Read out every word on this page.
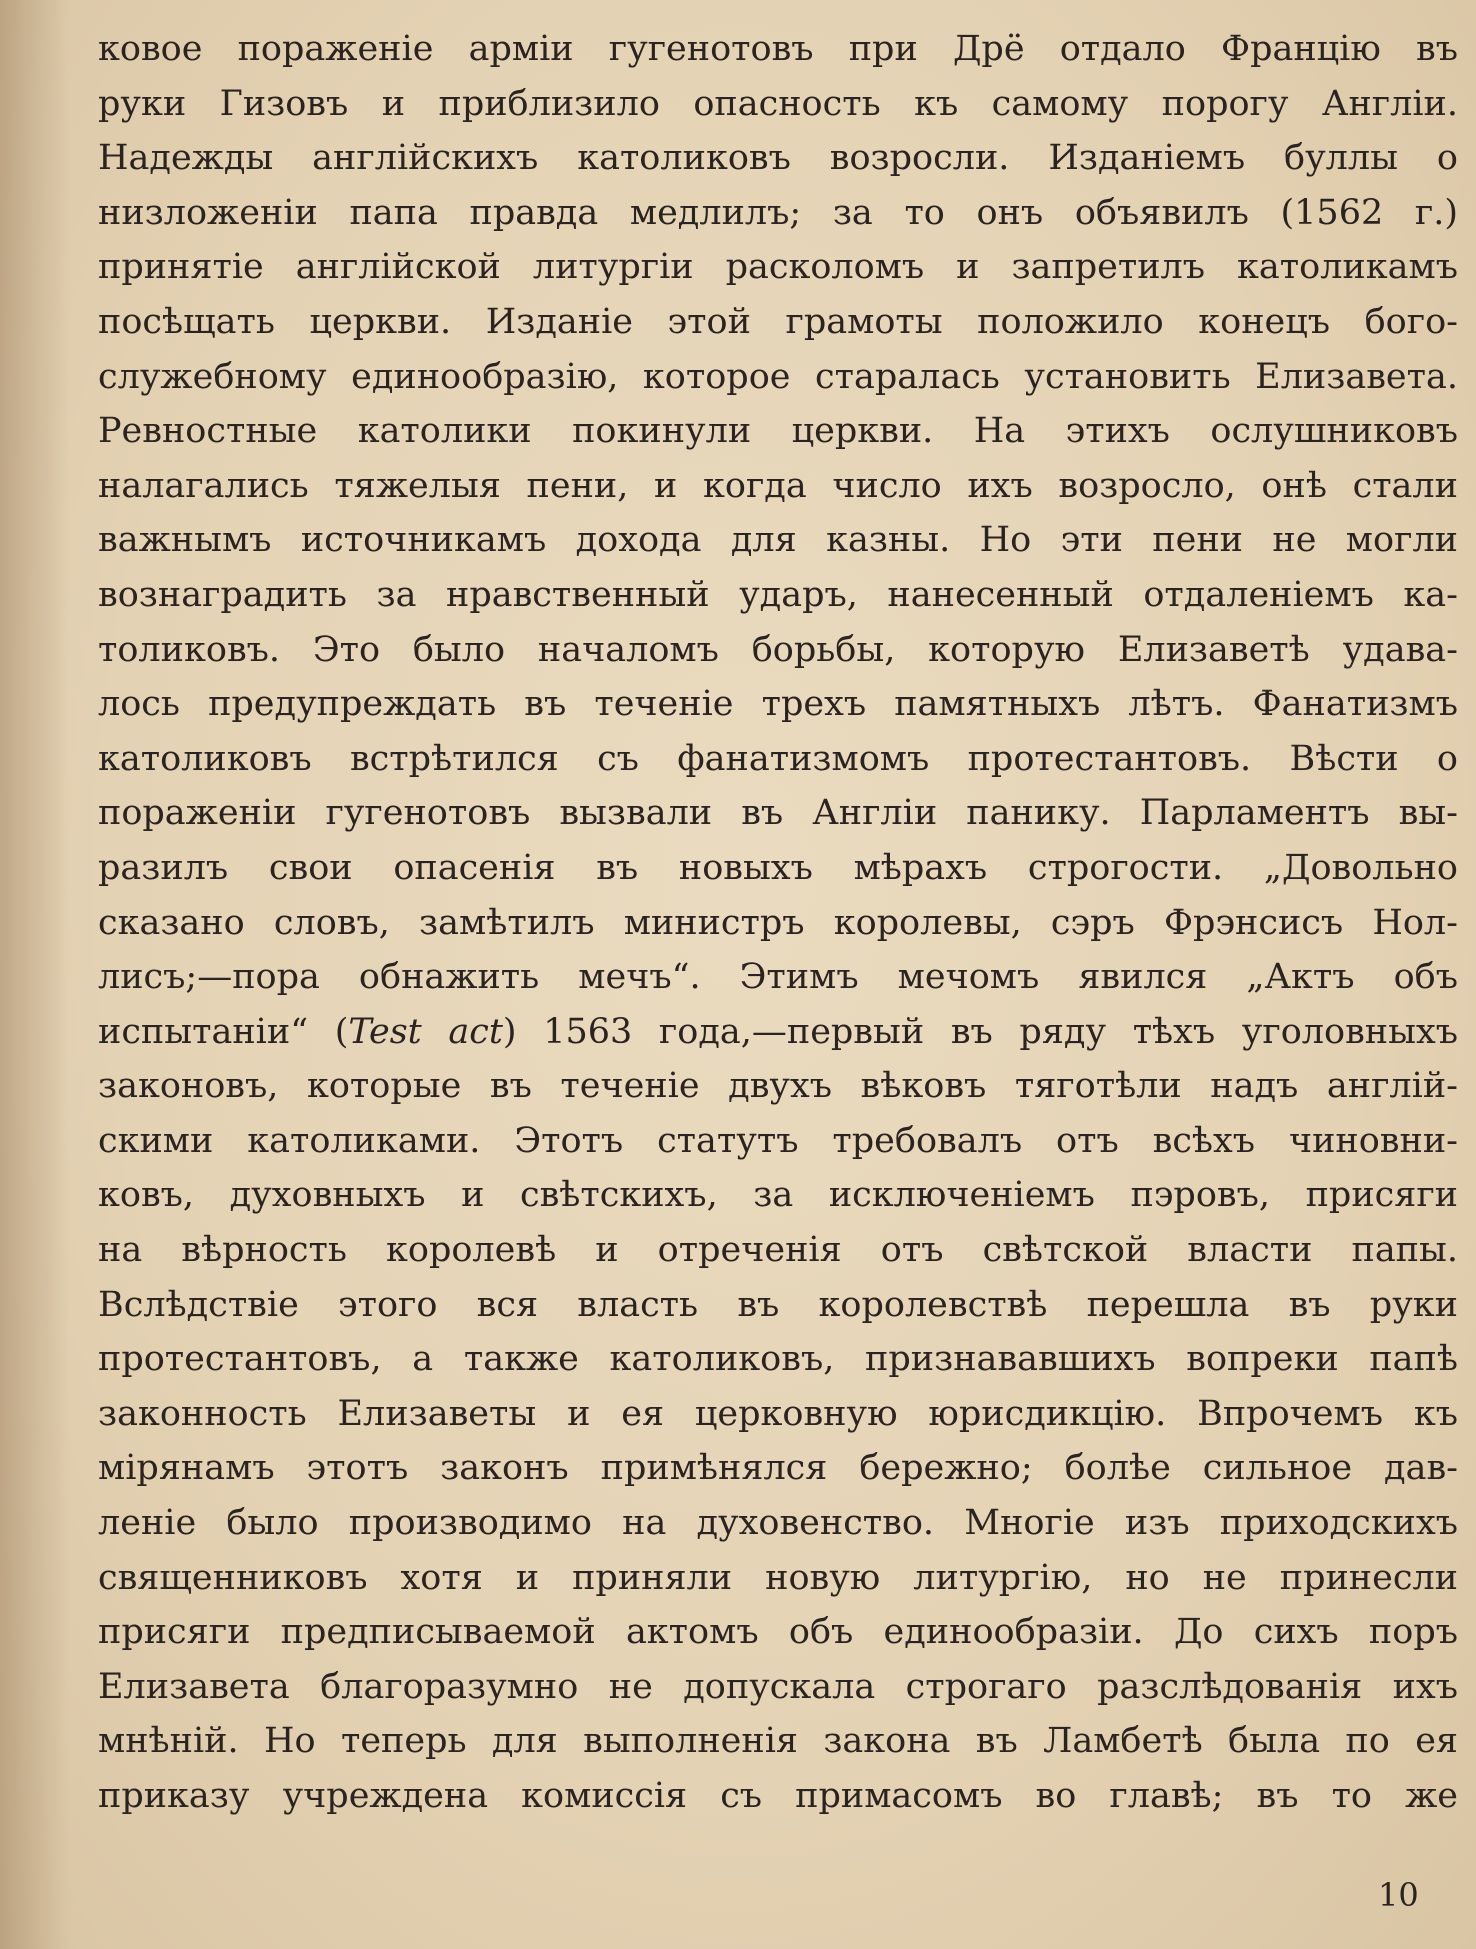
ковое пораженіе арміи гугенотовъ при Дрё отдало Францію въ
руки Гизовъ и приблизило опасность къ самому порогу Англіи.
Надежды англійскихъ католиковъ возросли. Изданіемъ буллы о
низложеніи папа правда медлилъ; за то онъ объявилъ (1562 г.)
принятіе англійской литургіи расколомъ и запретилъ католикамъ
посѣщать церкви. Изданіе этой грамоты положило конецъ бого-
служебному единообразію, которое старалась установить Елизавета.
Ревностные католики покинули церкви. На этихъ ослушниковъ
налагались тяжелыя пени, и когда число ихъ возросло, онѣ стали
важнымъ источникамъ дохода для казны. Но эти пени не могли
вознаградить за нравственный ударъ, нанесенный отдаленіемъ ка-
толиковъ. Это было началомъ борьбы, которую Елизаветѣ удава-
лось предупреждать въ теченіе трехъ памятныхъ лѣтъ. Фанатизмъ
католиковъ встрѣтился съ фанатизмомъ протестантовъ. Вѣсти о
пораженіи гугенотовъ вызвали въ Англіи панику. Парламентъ вы-
разилъ свои опасенія въ новыхъ мѣрахъ строгости. „Довольно
сказано словъ, замѣтилъ министръ королевы, сэръ Фрэнсисъ Нол-
лисъ;—пора обнажить мечъ“. Этимъ мечомъ явился „Актъ объ
испытаніи“ (Test act) 1563 года,—первый въ ряду тѣхъ уголовныхъ
законовъ, которые въ теченіе двухъ вѣковъ тяготѣли надъ англій-
скими католиками. Этотъ статутъ требовалъ отъ всѣхъ чиновни-
ковъ, духовныхъ и свѣтскихъ, за исключеніемъ пэровъ, присяги
на вѣрность королевѣ и отреченія отъ свѣтской власти папы.
Вслѣдствіе этого вся власть въ королевствѣ перешла въ руки
протестантовъ, а также католиковъ, признававшихъ вопреки папѣ
законность Елизаветы и ея церковную юрисдикцію. Впрочемъ къ
мірянамъ этотъ законъ примѣнялся бережно; болѣе сильное дав-
леніе было производимо на духовенство. Многіе изъ приходскихъ
священниковъ хотя и приняли новую литургію, но не принесли
присяги предписываемой актомъ объ единообразіи. До сихъ поръ
Елизавета благоразумно не допускала строгаго разслѣдованія ихъ
мнѣній. Но теперь для выполненія закона въ Ламбетѣ была по ея
приказу учреждена комиссія съ примасомъ во главѣ; въ то же
10
